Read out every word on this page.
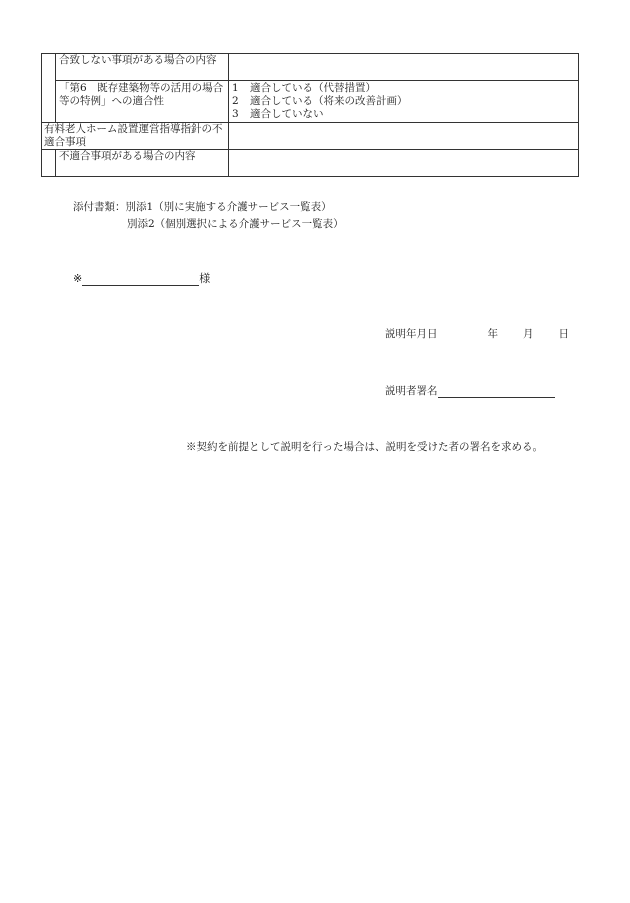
	合致しない事項がある場合の内容	
	「第6　既存建築物等の活用の場合等の特例」への適合性	1 適合している（代替措置）
2 適合している（将来の改善計画）
3 適合していない

有料老人ホーム設置運営指導指針の不適合事項		
	不適合事項がある場合の内容	
添付書類：別添1（別に実施する介護サービス一覧表）
別添2（個別選択による介護サービス一覧表）
※	様
説明年月日	年 月 日
説明者署名
※契約を前提として説明を行った場合は、説明を受けた者の署名を求める。
